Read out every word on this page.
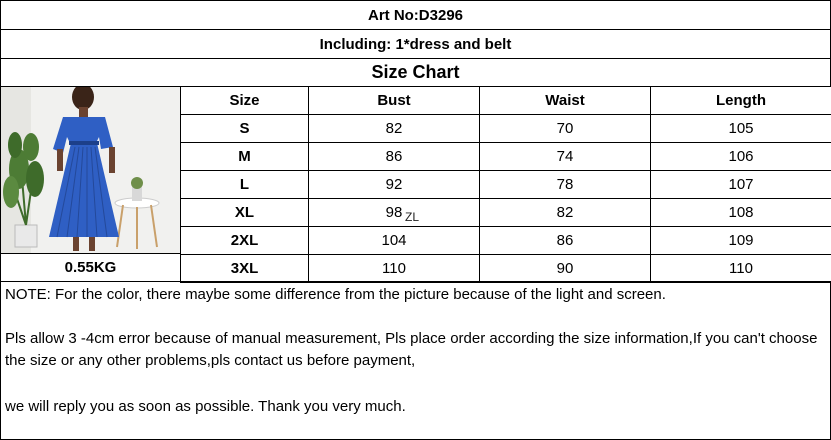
Art No:D3296
Including: 1*dress and belt
Size Chart
0.55KG
Size	Bust	Waist	Length
S	82	70	105
M	86	74	106
L	92	78	107
XL	98	82	108
2XL	104	86	109
3XL	110	90	110
ZL

NOTE: For the color, there maybe some difference from the picture because of the light and screen.

Pls allow 3 -4cm error because of manual measurement, Pls place order according the size information,If you can't choose the size or any other problems,pls contact us before payment,

we will reply you as soon as possible. Thank you very much.
